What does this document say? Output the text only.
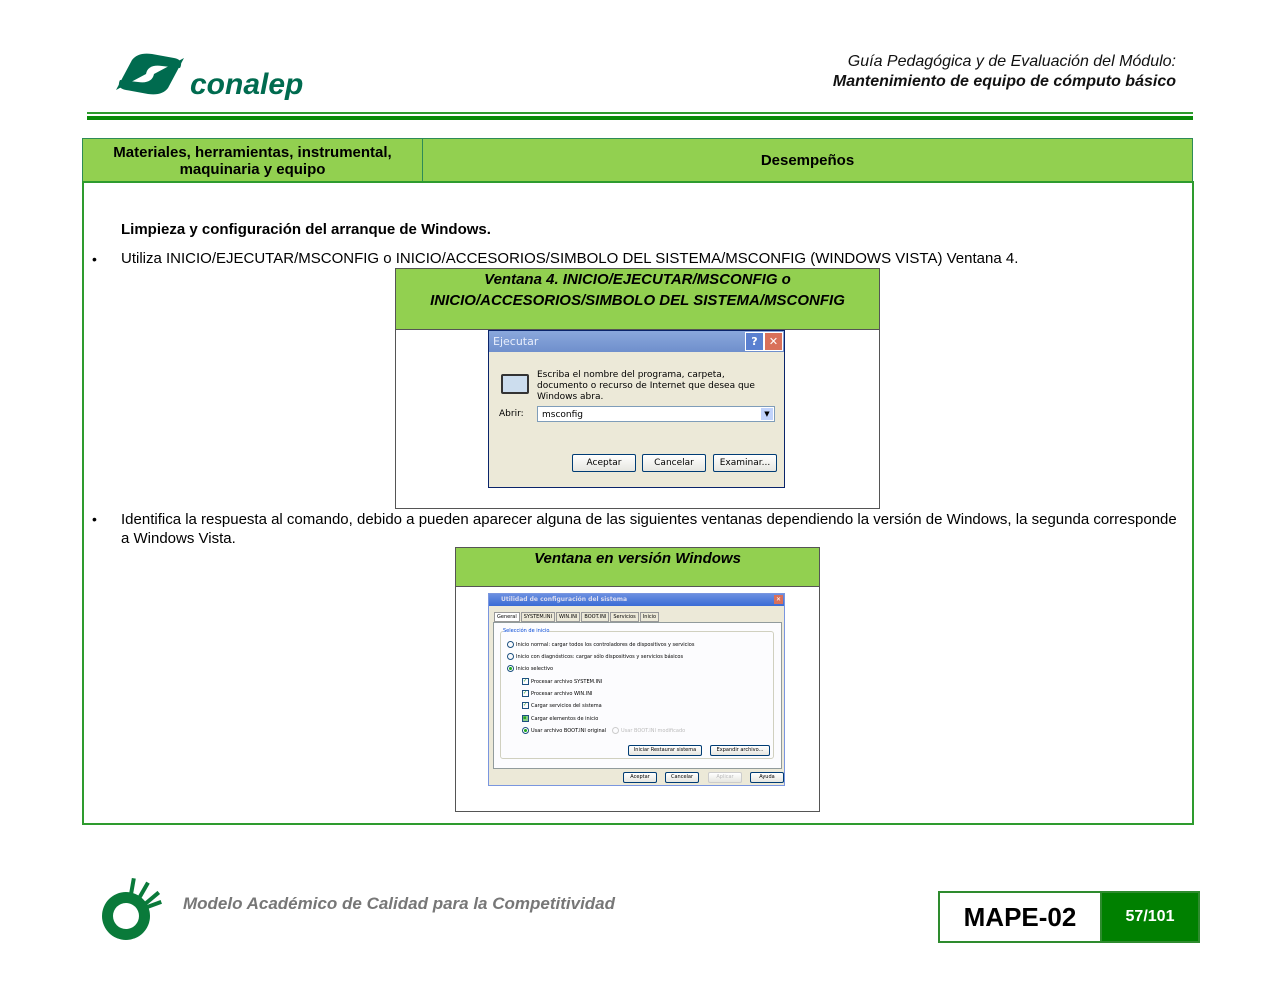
conalep
Guía Pedagógica y de Evaluación del Módulo:
Mantenimiento de equipo de cómputo básico
Materiales, herramientas, instrumental, maquinaria y equipo	Desempeños
Limpieza y configuración del arranque de Windows.
• Utiliza INICIO/EJECUTAR/MSCONFIG o INICIO/ACCESORIOS/SIMBOLO DEL SISTEMA/MSCONFIG (WINDOWS VISTA) Ventana 4.
Ventana 4. INICIO/EJECUTAR/MSCONFIG o
INICIO/ACCESORIOS/SIMBOLO DEL SISTEMA/MSCONFIG
Ejecutar	?	✕
Escriba el nombre del programa, carpeta, documento o recurso de Internet que desea que Windows abra.
Abrir:	msconfig	▼
Aceptar	Cancelar	Examinar...
• Identifica la respuesta al comando, debido a pueden aparecer alguna de las siguientes ventanas dependiendo la versión de Windows, la segunda corresponde a Windows Vista.
Ventana en versión Windows
Utilidad de configuración del sistema	✕
General	SYSTEM.INI	WIN.INI	BOOT.INI	Servicios	Inicio
Selección de inicio
Inicio normal: cargar todos los controladores de dispositivos y servicios
Inicio con diagnósticos: cargar sólo dispositivos y servicios básicos
Inicio selectivo
✓ Procesar archivo SYSTEM.INI
✓ Procesar archivo WIN.INI
✓ Cargar servicios del sistema
▪ Cargar elementos de inicio
Usar archivo BOOT.INI original	Usar BOOT.INI modificado
Iniciar Restaurar sistema	Expandir archivo...
Aceptar	Cancelar	Aplicar	Ayuda
Modelo Académico de Calidad para la Competitividad	MAPE-02	57/101
